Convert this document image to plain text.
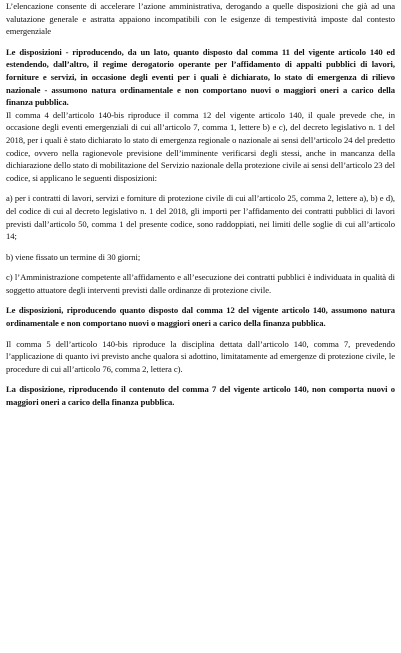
L’elencazione consente di accelerare l’azione amministrativa, derogando a quelle disposizioni che già ad una valutazione generale e astratta appaiono incompatibili con le esigenze di tempestività imposte dal contesto emergenziale

Le disposizioni - riproducendo, da un lato, quanto disposto dal comma 11 del vigente articolo 140 ed estendendo, dall’altro, il regime derogatorio operante per l’affidamento di appalti pubblici di lavori, forniture e servizi, in occasione degli eventi per i quali è dichiarato, lo stato di emergenza di rilievo nazionale - assumono natura ordinamentale e non comportano nuovi o maggiori oneri a carico della finanza pubblica.

Il comma 4 dell’articolo 140-bis riproduce il comma 12 del vigente articolo 140, il quale prevede che, in occasione degli eventi emergenziali di cui all’articolo 7, comma 1, lettere b) e c), del decreto legislativo n. 1 del 2018, per i quali è stato dichiarato lo stato di emergenza regionale o nazionale ai sensi dell’articolo 24 del predetto codice, ovvero nella ragionevole previsione dell’imminente verificarsi degli stessi, anche in mancanza della dichiarazione dello stato di mobilitazione del Servizio nazionale della protezione civile ai sensi dell’articolo 23 del codice, si applicano le seguenti disposizioni:

a) per i contratti di lavori, servizi e forniture di protezione civile di cui all’articolo 25, comma 2, lettere a), b) e d), del codice di cui al decreto legislativo n. 1 del 2018, gli importi per l’affidamento dei contratti pubblici di lavori previsti dall’articolo 50, comma 1 del presente codice, sono raddoppiati, nei limiti delle soglie di cui all’articolo 14;

b) viene fissato un termine di 30 giorni;

c) l’Amministrazione competente all’affidamento e all’esecuzione dei contratti pubblici è individuata in qualità di soggetto attuatore degli interventi previsti dalle ordinanze di protezione civile.

Le disposizioni, riproducendo quanto disposto dal comma 12 del vigente articolo 140, assumono natura ordinamentale e non comportano nuovi o maggiori oneri a carico della finanza pubblica.

Il comma 5 dell’articolo 140-bis riproduce la disciplina dettata dall’articolo 140, comma 7, prevedendo l’applicazione di quanto ivi previsto anche qualora si adottino, limitatamente ad emergenze di protezione civile, le procedure di cui all’articolo 76, comma 2, lettera c).

La disposizione, riproducendo il contenuto del comma 7 del vigente articolo 140, non comporta nuovi o maggiori oneri a carico della finanza pubblica.
